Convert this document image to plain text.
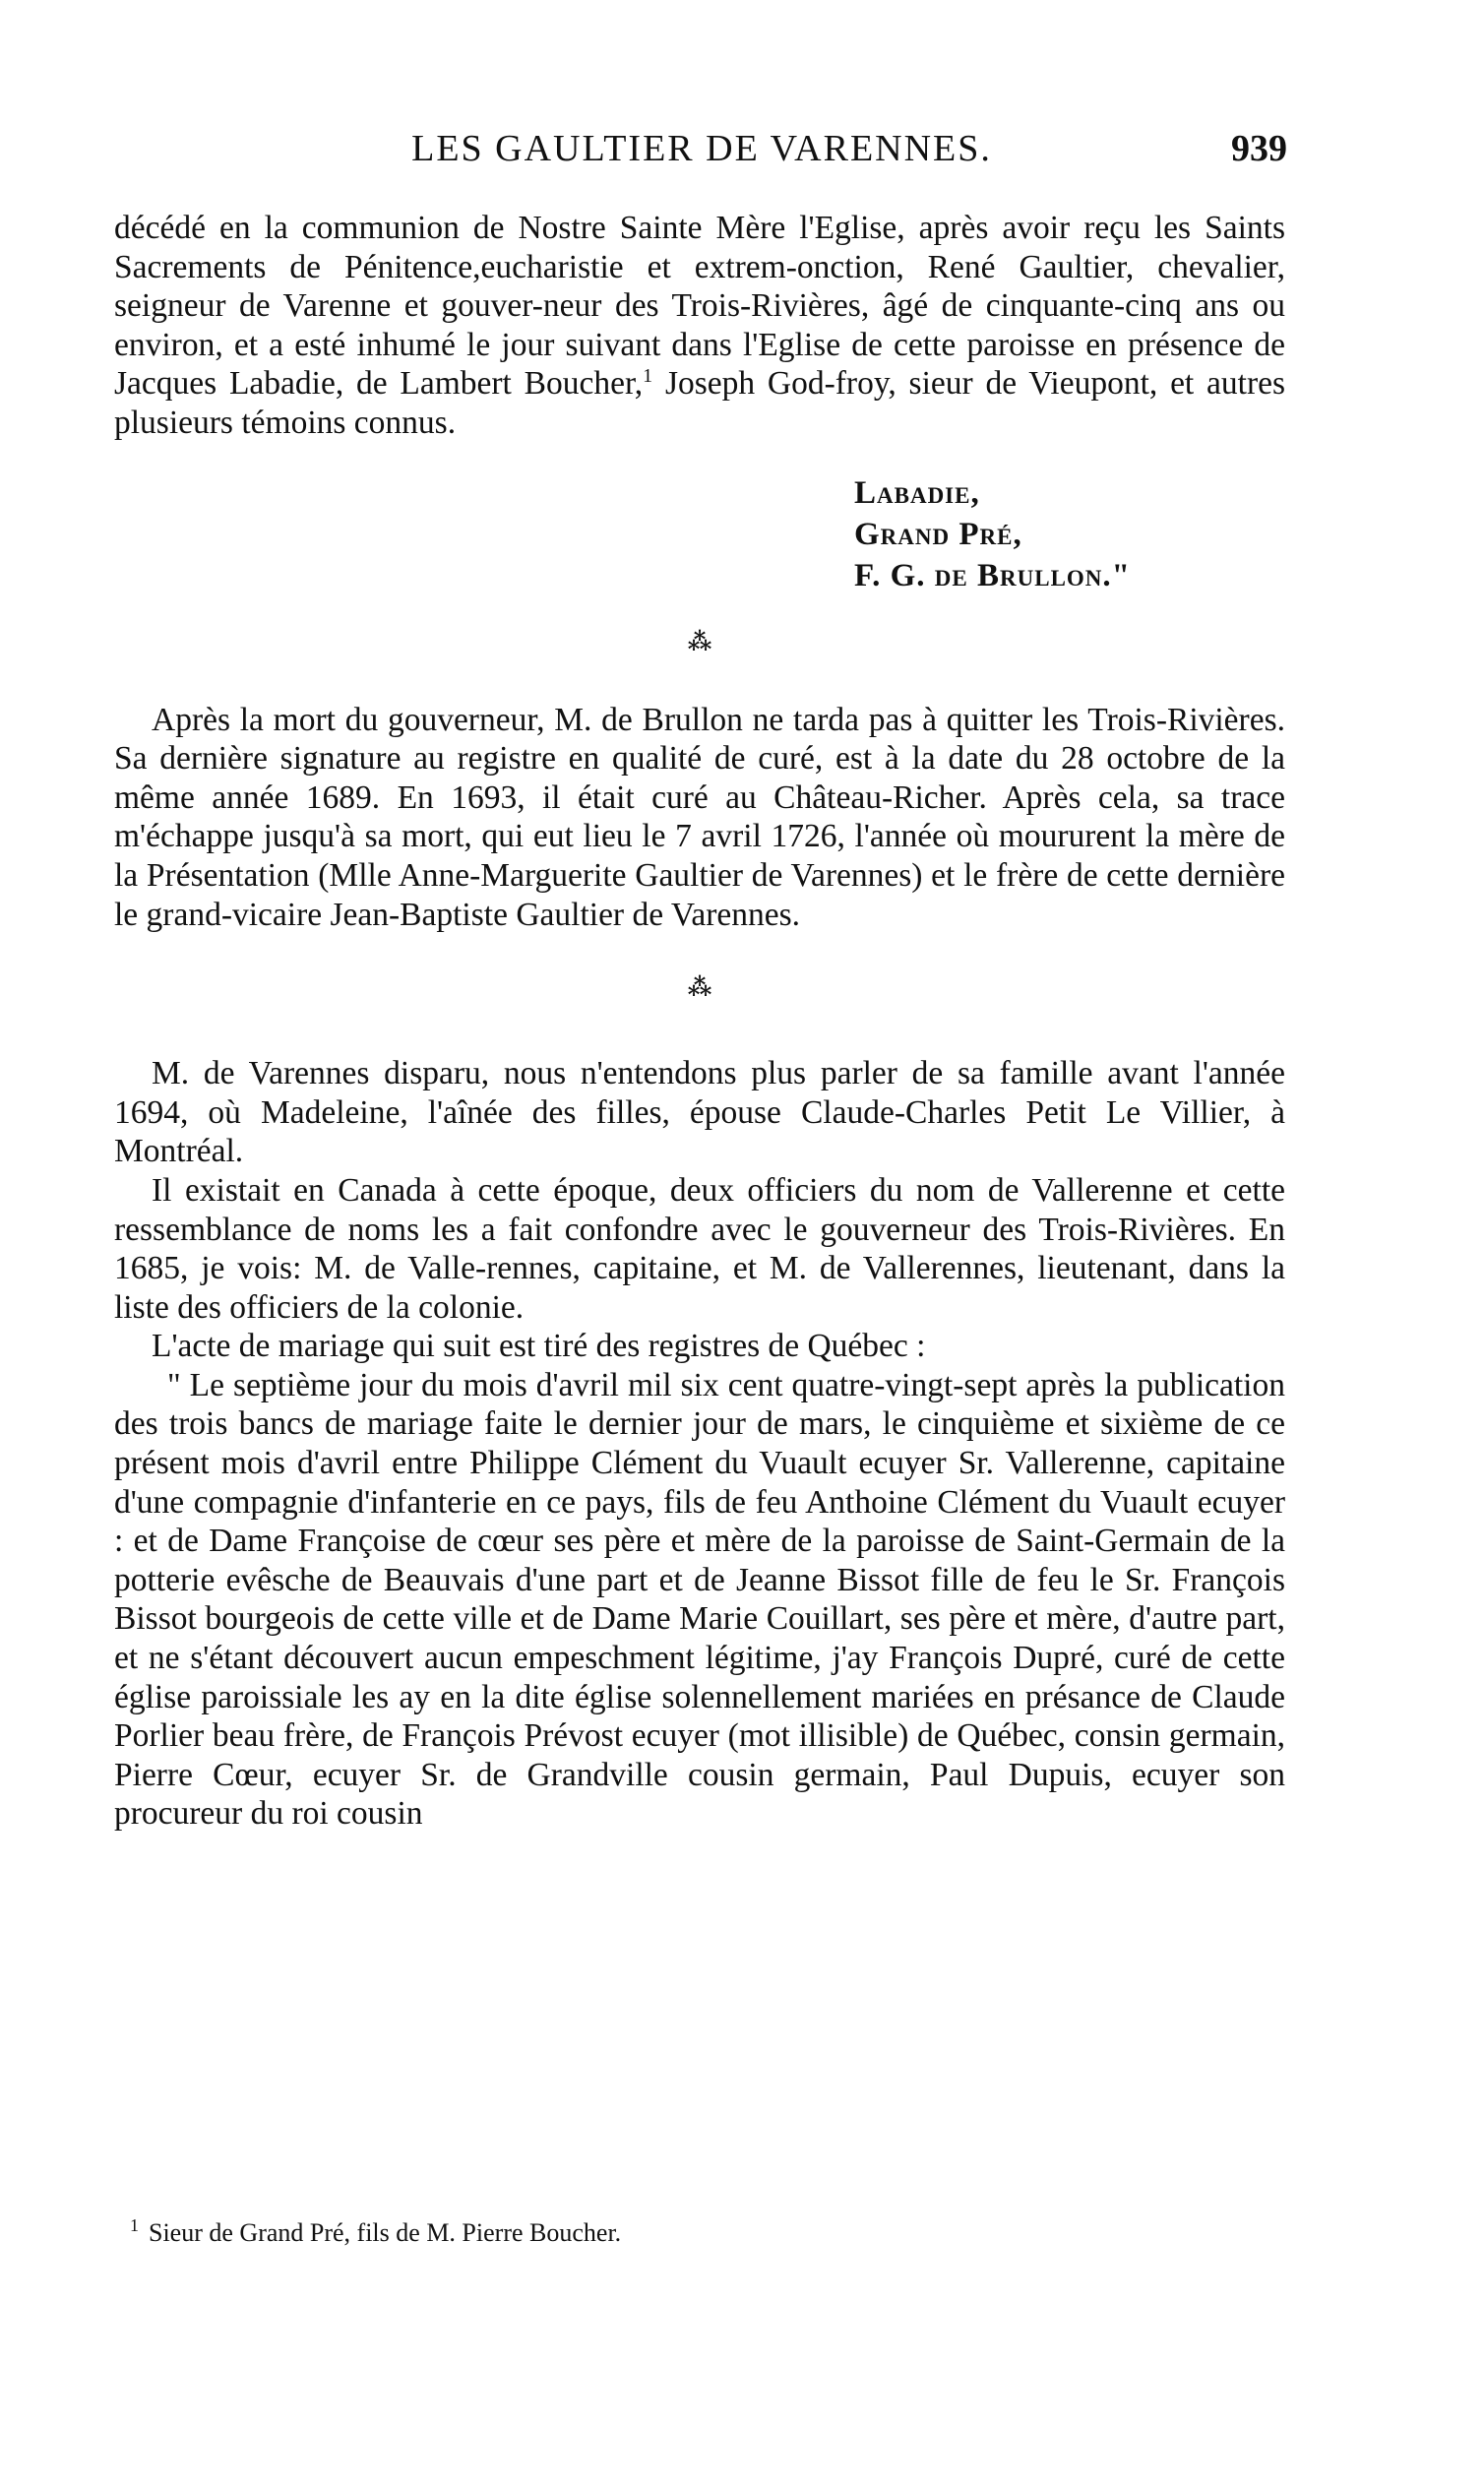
LES GAULTIER DE VARENNES.	939

décédé en la communion de Nostre Sainte Mère l'Eglise, après avoir reçu les Saints Sacrements de Pénitence,eucharistie et extrem-onction, René Gaultier, chevalier, seigneur de Varenne et gouver-neur des Trois-Rivières, âgé de cinquante-cinq ans ou environ, et a esté inhumé le jour suivant dans l'Eglise de cette paroisse en présence de Jacques Labadie, de Lambert Boucher,$^1$ Joseph God-froy, sieur de Vieupont, et autres plusieurs témoins connus.

Labadie,
Grand Pré,
F. G. de Brullon."
⁂

Après la mort du gouverneur, M. de Brullon ne tarda pas à quitter les Trois-Rivières. Sa dernière signature au registre en qualité de curé, est à la date du 28 octobre de la même année 1689. En 1693, il était curé au Château-Richer. Après cela, sa trace m'échappe jusqu'à sa mort, qui eut lieu le 7 avril 1726, l'année où moururent la mère de la Présentation (Mlle Anne-Marguerite Gaultier de Varennes) et le frère de cette dernière le grand-vicaire Jean-Baptiste Gaultier de Varennes.

⁂

M. de Varennes disparu, nous n'entendons plus parler de sa famille avant l'année 1694, où Madeleine, l'aînée des filles, épouse Claude-Charles Petit Le Villier, à Montréal.

Il existait en Canada à cette époque, deux officiers du nom de Vallerenne et cette ressemblance de noms les a fait confondre avec le gouverneur des Trois-Rivières. En 1685, je vois: M. de Valle-rennes, capitaine, et M. de Vallerennes, lieutenant, dans la liste des officiers de la colonie.

L'acte de mariage qui suit est tiré des registres de Québec :

" Le septième jour du mois d'avril mil six cent quatre-vingt-sept après la publication des trois bancs de mariage faite le dernier jour de mars, le cinquième et sixième de ce présent mois d'avril entre Philippe Clément du Vuault ecuyer Sr. Vallerenne, capitaine d'une compagnie d'infanterie en ce pays, fils de feu Anthoine Clément du Vuault ecuyer : et de Dame Françoise de cœur ses père et mère de la paroisse de Saint-Germain de la potterie evêsche de Beauvais d'une part et de Jeanne Bissot fille de feu le Sr. François Bissot bourgeois de cette ville et de Dame Marie Couillart, ses père et mère, d'autre part, et ne s'étant découvert aucun empeschment légitime, j'ay François Dupré, curé de cette église paroissiale les ay en la dite église solennellement mariées en présance de Claude Porlier beau frère, de François Prévost ecuyer (mot illisible) de Québec, consin germain, Pierre Cœur, ecuyer Sr. de Grandville cousin germain, Paul Dupuis, ecuyer son procureur du roi cousin

$^1$ Sieur de Grand Pré, fils de M. Pierre Boucher.
